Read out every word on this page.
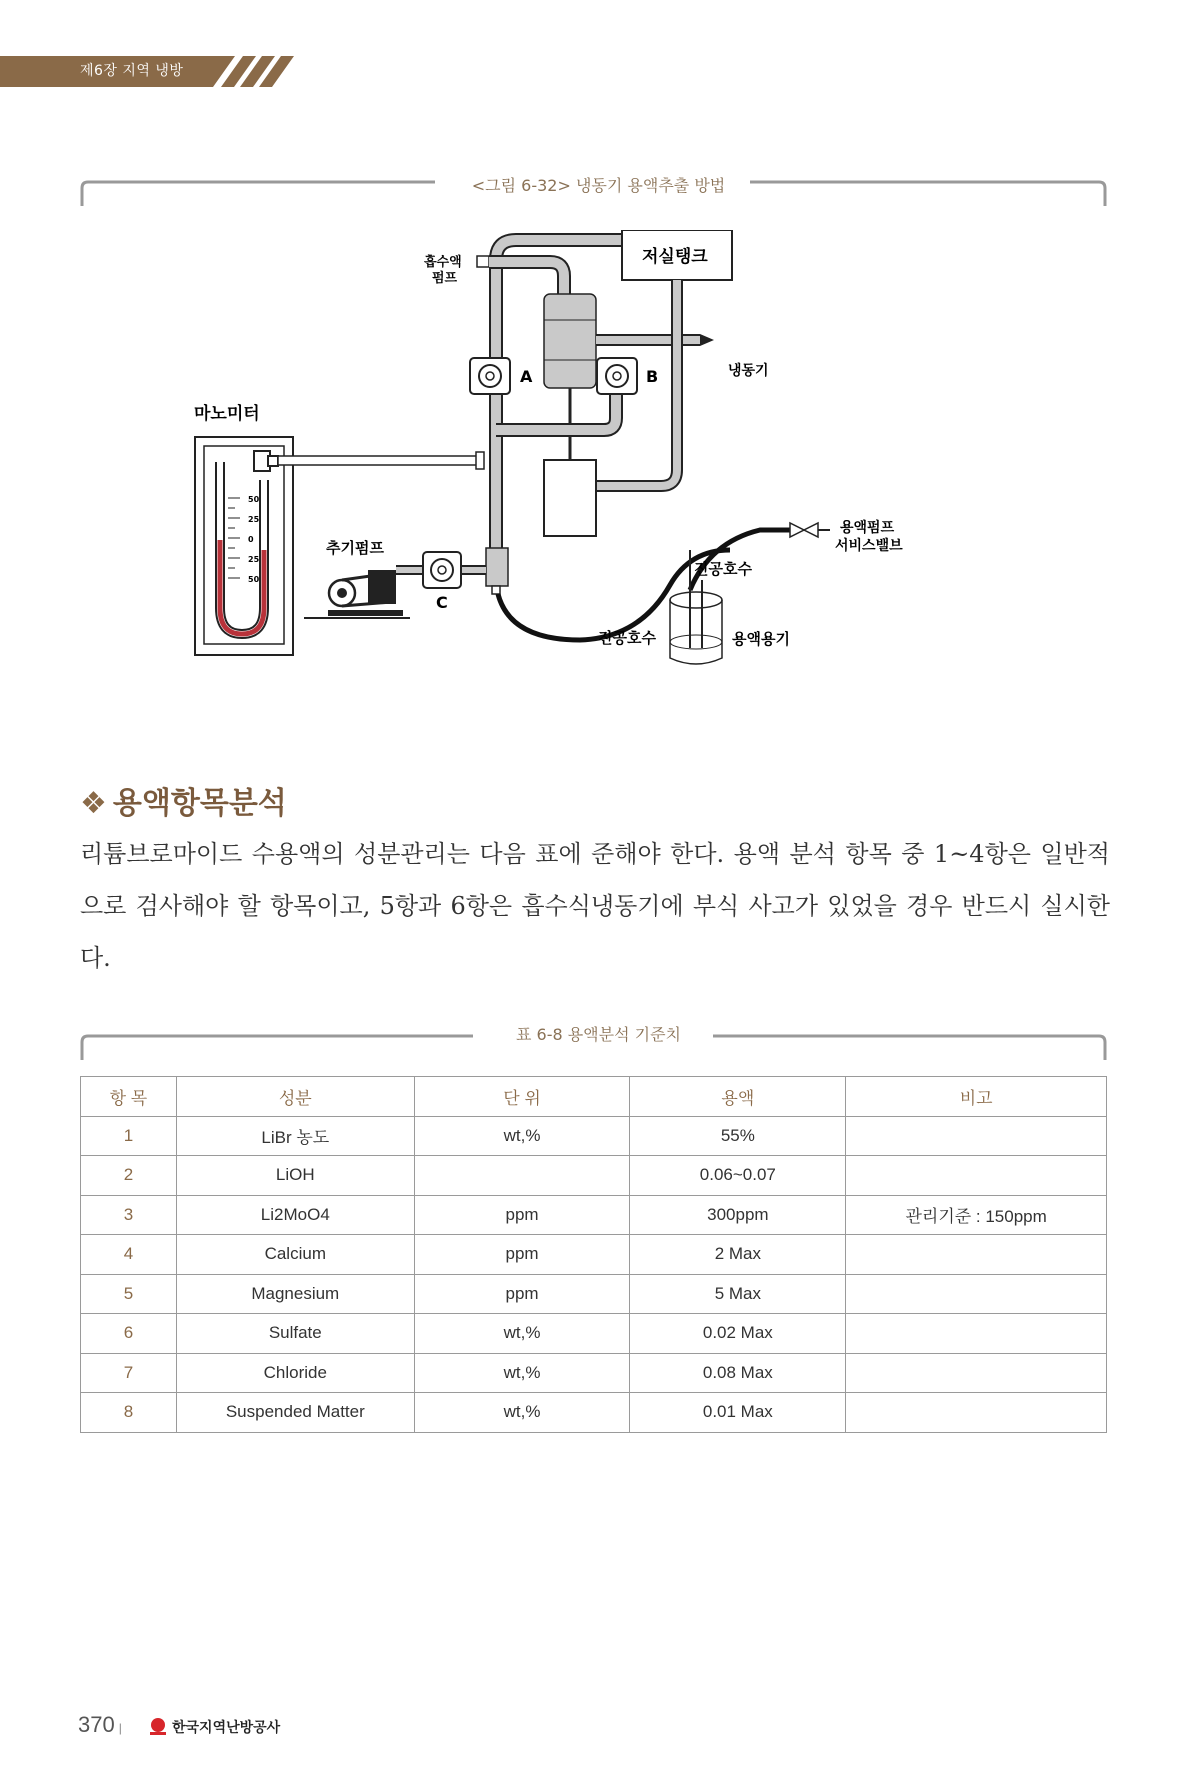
제6장 지역 냉방
<그림 6-32> 냉동기 용액추출 방법
50
25
0
25
50
마노미터
흡수액
펌프
냉동기
저실탱크
A	B
C
추기펌프
용액펌프
서비스밸브
진공호수
진공호수	용액용기
❖ 용액항목분석
리튬브로마이드 수용액의 성분관리는 다음 표에 준해야 한다. 용액 분석 항목 중 1~4항은 일반적으로 검사해야 할 항목이고, 5항과 6항은 흡수식냉동기에 부식 사고가 있었을 경우 반드시 실시한다.
표 6-8 용액분석 기준치
항 목	성분	단 위	용액	비고
1	LiBr 농도	wt,%	55%	
2	LiOH		0.06~0.07	
3	Li2MoO4	ppm	300ppm	관리기준 : 150ppm
4	Calcium	ppm	2 Max	
5	Magnesium	ppm	5 Max	
6	Sulfate	wt,%	0.02 Max	
7	Chloride	wt,%	0.08 Max	
8	Suspended Matter	wt,%	0.01 Max	
370 |	한국지역난방공사
